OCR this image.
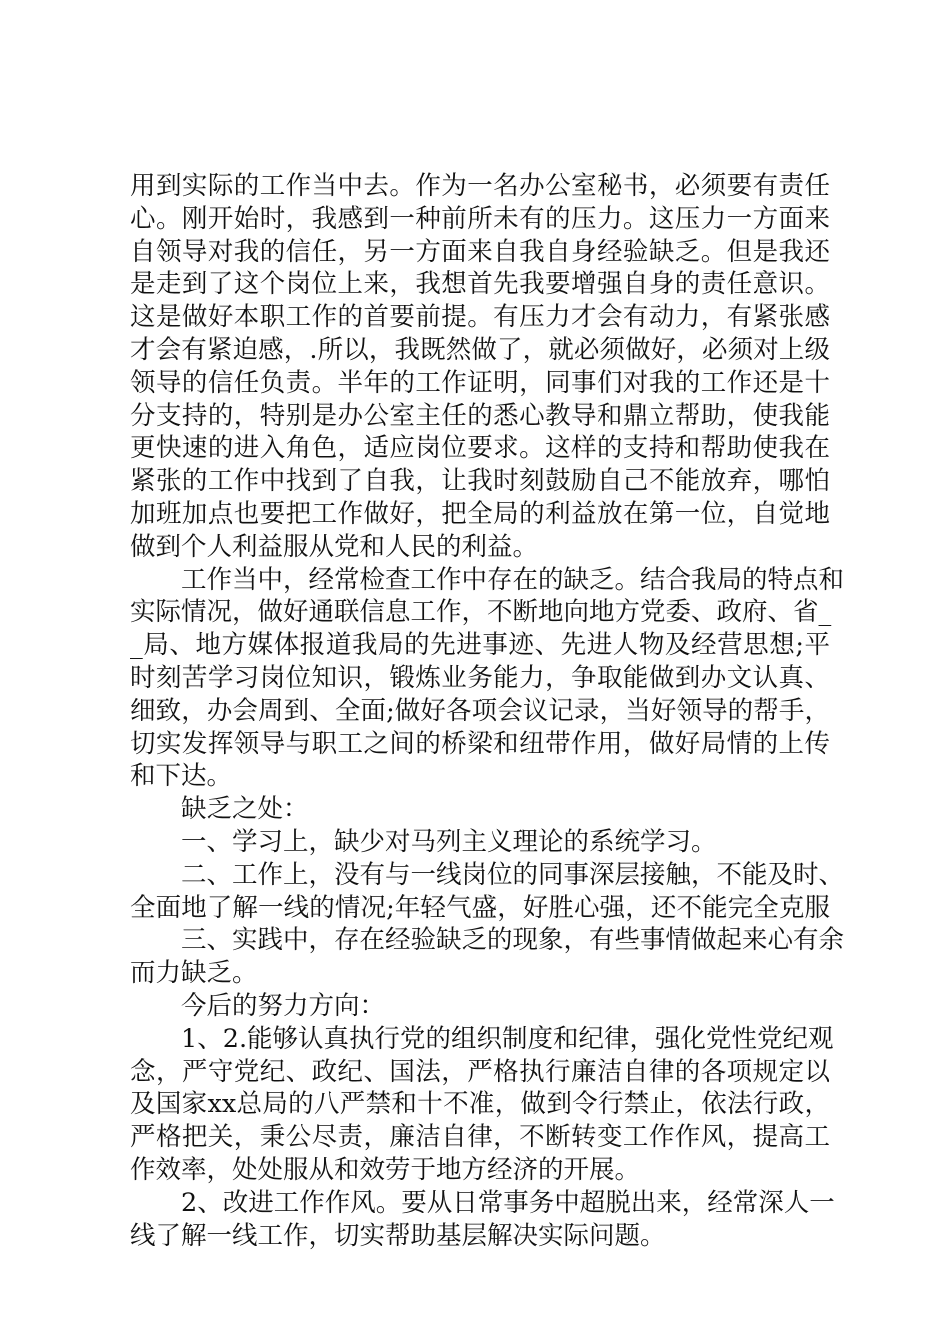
用到实际的工作当中去。作为一名办公室秘书，必须要有责任
心。刚开始时，我感到一种前所未有的压力。这压力一方面来
自领导对我的信任，另一方面来自我自身经验缺乏。但是我还
是走到了这个岗位上来，我想首先我要增强自身的责任意识。
这是做好本职工作的首要前提。有压力才会有动力，有紧张感
才会有紧迫感，.所以，我既然做了，就必须做好，必须对上级
领导的信任负责。半年的工作证明，同事们对我的工作还是十
分支持的，特别是办公室主任的悉心教导和鼎立帮助，使我能
更快速的进入角色，适应岗位要求。这样的支持和帮助使我在
紧张的工作中找到了自我，让我时刻鼓励自己不能放弃，哪怕
加班加点也要把工作做好，把全局的利益放在第一位，自觉地
做到个人利益服从党和人民的利益。
工作当中，经常检查工作中存在的缺乏。结合我局的特点和
实际情况，做好通联信息工作，不断地向地方党委、政府、省_
_局、地方媒体报道我局的先进事迹、先进人物及经营思想;平
时刻苦学习岗位知识，锻炼业务能力，争取能做到办文认真、
细致，办会周到、全面;做好各项会议记录，当好领导的帮手，
切实发挥领导与职工之间的桥梁和纽带作用，做好局情的上传
和下达。
缺乏之处：
一、学习上，缺少对马列主义理论的系统学习。
二、工作上，没有与一线岗位的同事深层接触，不能及时、
全面地了解一线的情况;年轻气盛，好胜心强，还不能完全克服
三、实践中，存在经验缺乏的现象，有些事情做起来心有余
而力缺乏。
今后的努力方向：
1、2.能够认真执行党的组织制度和纪律，强化党性党纪观
念，严守党纪、政纪、国法，严格执行廉洁自律的各项规定以
及国家xx总局的八严禁和十不准，做到令行禁止，依法行政，
严格把关，秉公尽责，廉洁自律，不断转变工作作风，提高工
作效率，处处服从和效劳于地方经济的开展。
2、改进工作作风。要从日常事务中超脱出来，经常深人一
线了解一线工作，切实帮助基层解决实际问题。
